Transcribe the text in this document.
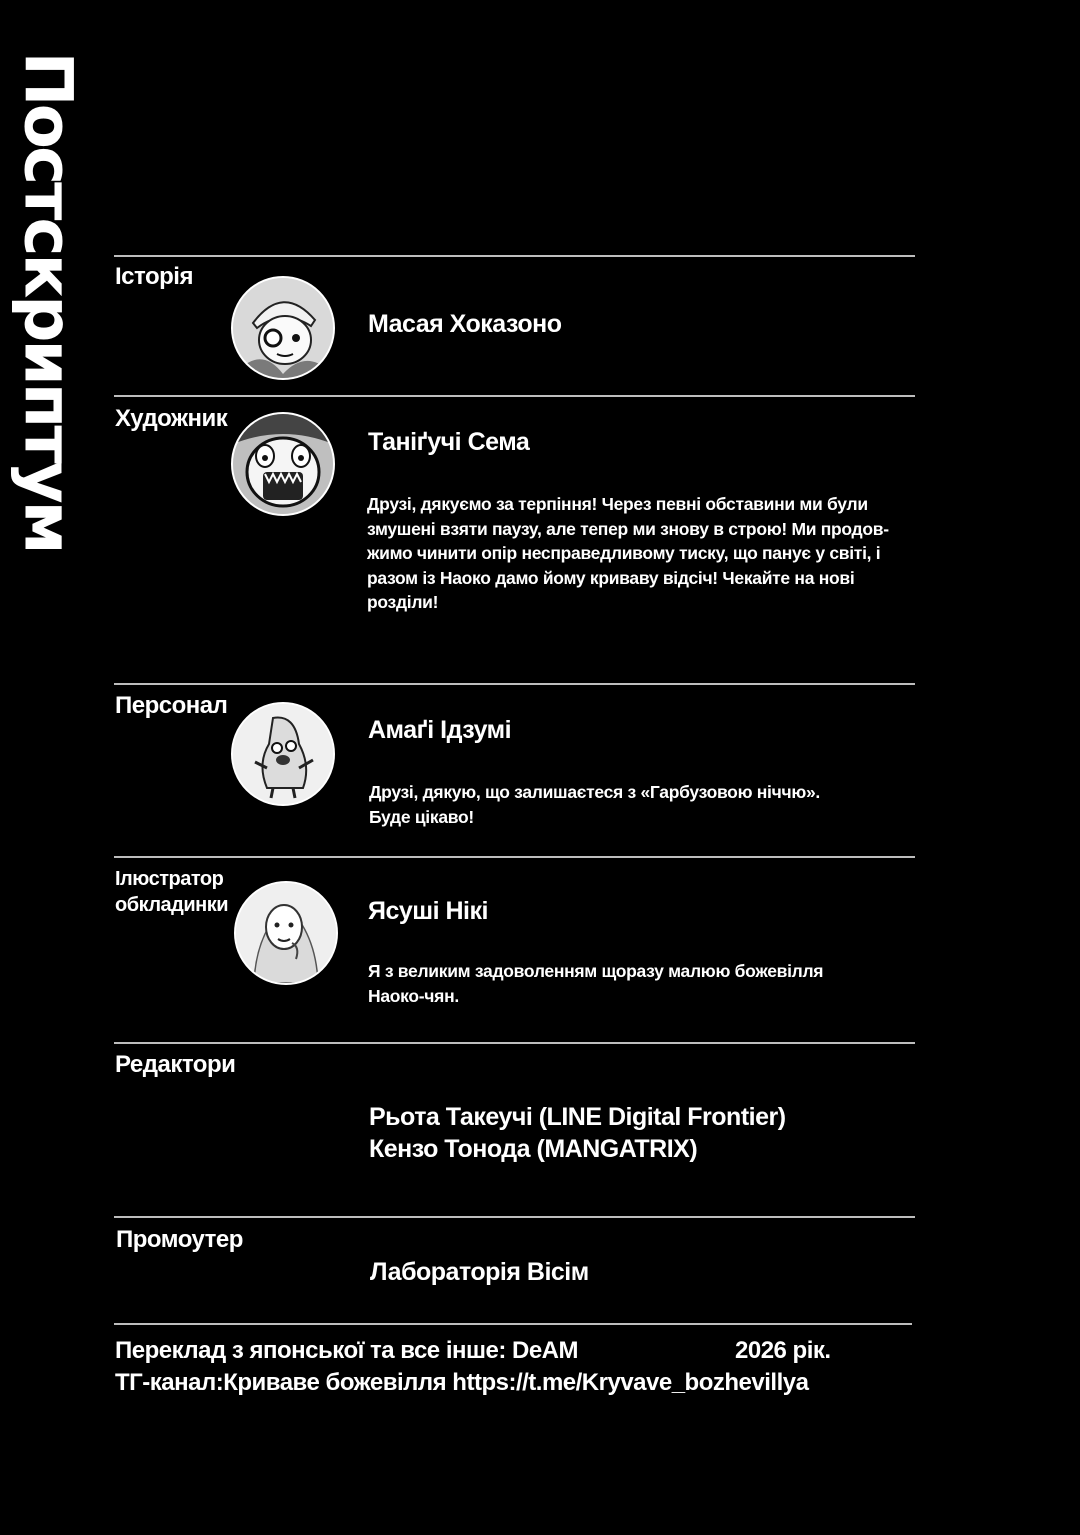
Постскриптум Історія
Масая Хоказоно
Художник
Таніґучі Сема
Друзі, дякуємо за терпіння! Через певні обставини ми були
змушені взяти паузу, але тепер ми знову в строю! Ми продов-
жимо чинити опір несправедливому тиску, що панує у світі, і
разом із Наоко дамо йому криваву відсіч! Чекайте на нові
розділи!
Персонал
Амаґі Ідзумі
Друзі, дякую, що залишаєтеся з «Гарбузовою ніччю».
Буде цікаво!
Ілюстратор
обкладинки	Ясуші Нікі
Я з великим задоволенням щоразу малюю божевілля
Наоко-чян.
Редактори
Рьота Такеучі (LINE Digital Frontier)
Кензо Тонода (MANGATRIX)
Промоутер
Лабораторія Вісім
Переклад з японської та все інше: DeAM	2026 рік.
ТГ-канал:Криваве божевілля https://t.me/Kryvave_bozhevillya
